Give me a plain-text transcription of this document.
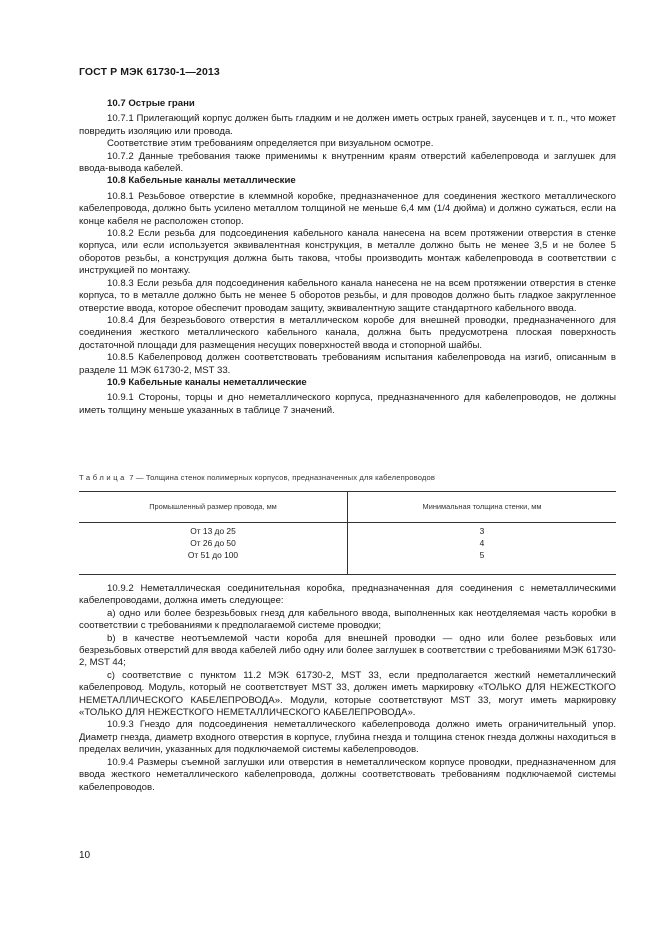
ГОСТ Р МЭК 61730-1—2013

10.7 Острые грани

10.7.1 Прилегающий корпус должен быть гладким и не должен иметь острых граней, заусенцев и т. п., что может повредить изоляцию или провода.

Соответствие этим требованиям определяется при визуальном осмотре.

10.7.2 Данные требования также применимы к внутренним краям отверстий кабелепровода и заглушек для ввода-вывода кабелей.

10.8 Кабельные каналы металлические

10.8.1 Резьбовое отверстие в клеммной коробке, предназначенное для соединения жесткого металлического кабелепровода, должно быть усилено металлом толщиной не меньше 6,4 мм (1/4 дюйма) и должно сужаться, если на конце кабеля не расположен стопор.

10.8.2 Если резьба для подсоединения кабельного канала нанесена на всем протяжении отверстия в стенке корпуса, или если используется эквивалентная конструкция, в металле должно быть не менее 3,5 и не более 5 оборотов резьбы, а конструкция должна быть такова, чтобы производить монтаж кабелепровода в соответствии с инструкцией по монтажу.

10.8.3 Если резьба для подсоединения кабельного канала нанесена не на всем протяжении отверстия в стенке корпуса, то в металле должно быть не менее 5 оборотов резьбы, и для проводов должно быть гладкое закругленное отверстие ввода, которое обеспечит проводам защиту, эквивалентную защите стандартного кабельного ввода.

10.8.4 Для безрезьбового отверстия в металлическом коробе для внешней проводки, предназначенного для соединения жесткого металлического кабельного канала, должна быть предусмотрена плоская поверхность достаточной площади для размещения несущих поверхностей ввода и стопорной шайбы.

10.8.5 Кабелепровод должен соответствовать требованиям испытания кабелепровода на изгиб, описанным в разделе 11 МЭК 61730-2, MST 33.

10.9 Кабельные каналы неметаллические

10.9.1 Стороны, торцы и дно неметаллического корпуса, предназначенного для кабелепроводов, не должны иметь толщину меньше указанных в таблице 7 значений.

Таблица 7 — Толщина стенок полимерных корпусов, предназначенных для кабелепроводов
Промышленный размер провода, мм	Минимальная толщина стенки, мм
От 13 до 25
От 26 до 50
От 51 до 100
3
4
5

10.9.2 Неметаллическая соединительная коробка, предназначенная для соединения с неметаллическими кабелепроводами, должна иметь следующее:

а) одно или более безрезьбовых гнезд для кабельного ввода, выполненных как неотделяемая часть коробки в соответствии с требованиями к предполагаемой системе проводки;

b) в качестве неотъемлемой части короба для внешней проводки — одно или более резьбовых или безрезьбовых отверстий для ввода кабелей либо одну или более заглушек в соответствии с требованиями МЭК 61730-2, MST 44;

с) соответствие с пунктом 11.2 МЭК 61730-2, MST 33, если предполагается жесткий неметаллический кабелепровод. Модуль, который не соответствует MST 33, должен иметь маркировку «ТОЛЬКО ДЛЯ НЕЖЕСТКОГО НЕМЕТАЛЛИЧЕСКОГО КАБЕЛЕПРОВОДА». Модули, которые соответствуют MST 33, могут иметь маркировку «ТОЛЬКО ДЛЯ НЕЖЕСТКОГО НЕМЕТАЛЛИЧЕСКОГО КАБЕЛЕПРОВОДА».

10.9.3 Гнездо для подсоединения неметаллического кабелепровода должно иметь ограничительный упор. Диаметр гнезда, диаметр входного отверстия в корпусе, глубина гнезда и толщина стенок гнезда должны находиться в пределах величин, указанных для подключаемой системы кабелепроводов.

10.9.4 Размеры съемной заглушки или отверстия в неметаллическом корпусе проводки, предназначенном для ввода жесткого неметаллического кабелепровода, должны соответствовать требованиям подключаемой системы кабелепроводов.

10
